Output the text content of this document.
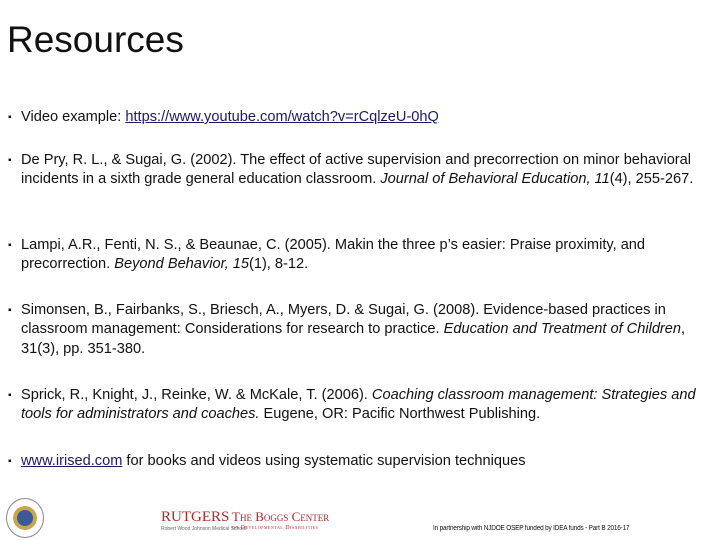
Resources
▪ Video example: https://www.youtube.com/watch?v=rCqlzeU-0hQ
▪ De Pry, R. L., & Sugai, G. (2002). The effect of active supervision and precorrection on minor behavioral incidents in a sixth grade general education classroom. Journal of Behavioral Education, 11(4), 255-267.
▪ Lampi, A.R., Fenti, N. S., & Beaunae, C. (2005). Makin the three p’s easier: Praise proximity, and precorrection. Beyond Behavior, 15(1), 8-12.
▪ Simonsen, B., Fairbanks, S., Briesch, A., Myers, D. & Sugai, G. (2008). Evidence-based practices in classroom management: Considerations for research to practice. Education and Treatment of Children, 31(3), pp. 351-380.
▪ Sprick, R., Knight, J., Reinke, W. & McKale, T. (2006). Coaching classroom management: Strategies and tools for administrators and coaches. Eugene, OR: Pacific Northwest Publishing.
▪ www.irised.com for books and videos using systematic supervision techniques
RUTGERS
Robert Wood Johnson Medical School
The Boggs Center
on Developmental Disabilities	In partnership with NJDOE OSEP funded by IDEA funds - Part B 2016-17
